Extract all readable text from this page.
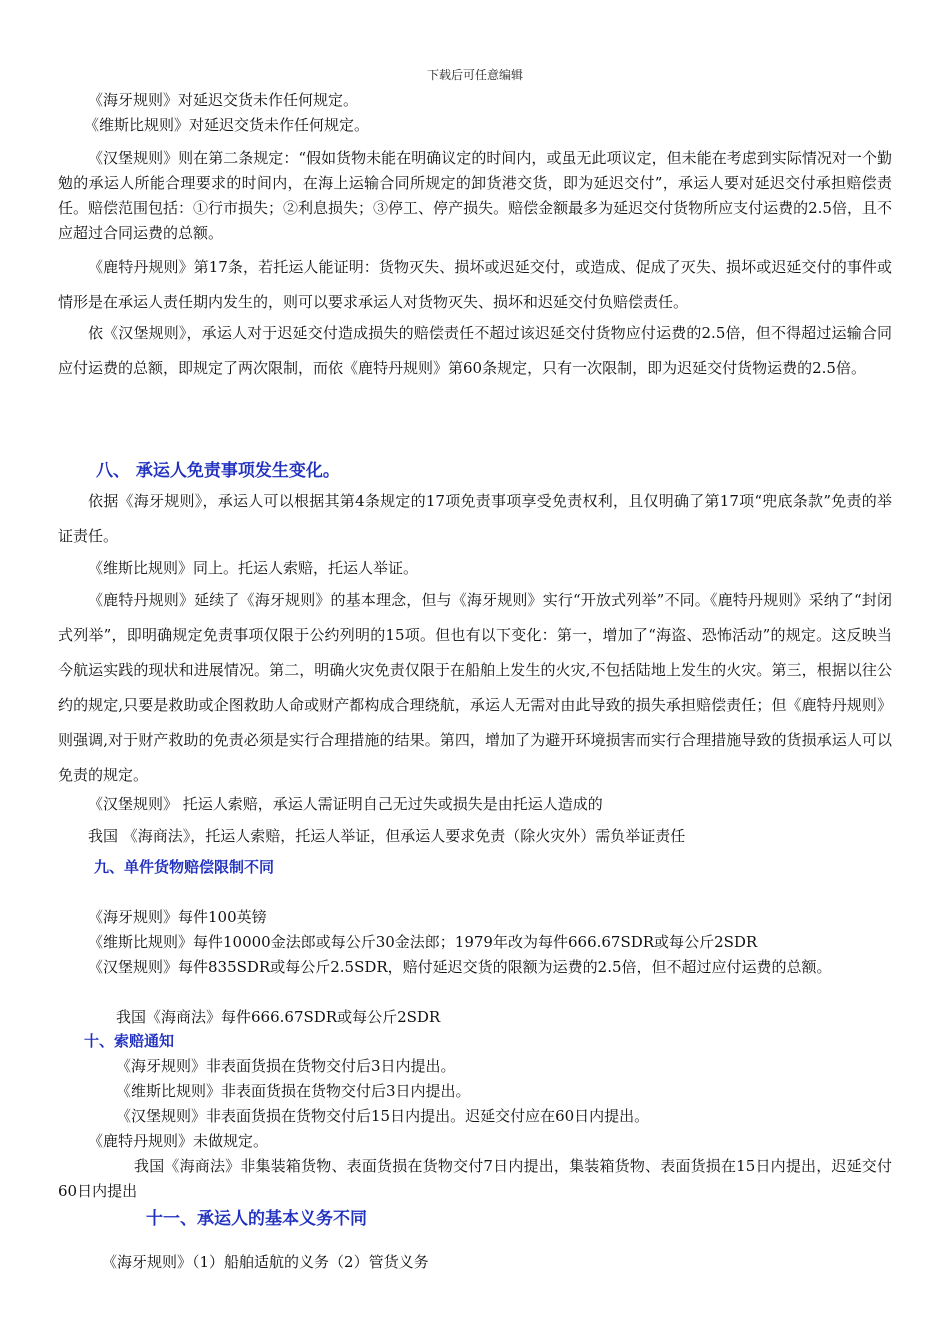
下载后可任意编辑

《海牙规则》对延迟交货未作任何规定。

《维斯比规则》对延迟交货未作任何规定。

《汉堡规则》则在第二条规定：“假如货物未能在明确议定的时间内，或虽无此项议定，但未能在考虑到实际情况对一个勤勉的承运人所能合理要求的时间内，在海上运输合同所规定的卸货港交货，即为延迟交付”，承运人要对延迟交付承担赔偿责任。赔偿范围包括：①行市损失；②利息损失；③停工、停产损失。赔偿金额最多为延迟交付货物所应支付运费的2.5倍，且不应超过合同运费的总额。

《鹿特丹规则》第17条，若托运人能证明：货物灭失、损坏或迟延交付，或造成、促成了灭失、损坏或迟延交付的事件或情形是在承运人责任期内发生的，则可以要求承运人对货物灭失、损坏和迟延交付负赔偿责任。

依《汉堡规则》，承运人对于迟延交付造成损失的赔偿责任不超过该迟延交付货物应付运费的2.5倍，但不得超过运输合同应付运费的总额，即规定了两次限制，而依《鹿特丹规则》第60条规定，只有一次限制，即为迟延交付货物运费的2.5倍。

八、 承运人免责事项发生变化。

依据《海牙规则》，承运人可以根据其第4条规定的17项免责事项享受免责权利，且仅明确了第17项“兜底条款”免责的举证责任。

《维斯比规则》同上。托运人索赔，托运人举证。

《鹿特丹规则》延续了《海牙规则》的基本理念，但与《海牙规则》实行“开放式列举”不同。《鹿特丹规则》采纳了“封闭式列举”，即明确规定免责事项仅限于公约列明的15项。但也有以下变化：第一，增加了“海盗、恐怖活动”的规定。这反映当今航运实践的现状和进展情况。第二，明确火灾免责仅限于在船舶上发生的火灾,不包括陆地上发生的火灾。第三，根据以往公约的规定,只要是救助或企图救助人命或财产都构成合理绕航，承运人无需对由此导致的损失承担赔偿责任；但《鹿特丹规则》则强调,对于财产救助的免责必须是实行合理措施的结果。第四，增加了为避开环境损害而实行合理措施导致的货损承运人可以免责的规定。

《汉堡规则》 托运人索赔，承运人需证明自己无过失或损失是由托运人造成的

我国 《海商法》，托运人索赔，托运人举证，但承运人要求免责（除火灾外）需负举证责任

九、单件货物赔偿限制不同

《海牙规则》每件100英镑

《维斯比规则》每件10000金法郎或每公斤30金法郎；1979年改为每件666.67SDR或每公斤2SDR

《汉堡规则》每件835SDR或每公斤2.5SDR，赔付延迟交货的限额为运费的2.5倍，但不超过应付运费的总额。

我国《海商法》每件666.67SDR或每公斤2SDR

十、索赔通知

《海牙规则》非表面货损在货物交付后3日内提出。

《维斯比规则》非表面货损在货物交付后3日内提出。

《汉堡规则》非表面货损在货物交付后15日内提出。迟延交付应在60日内提出。

《鹿特丹规则》未做规定。

我国《海商法》非集装箱货物、表面货损在货物交付7日内提出，集装箱货物、表面货损在15日内提出，迟延交付60日内提出

十一、承运人的基本义务不同

《海牙规则》（1）船舶适航的义务（2）管货义务
